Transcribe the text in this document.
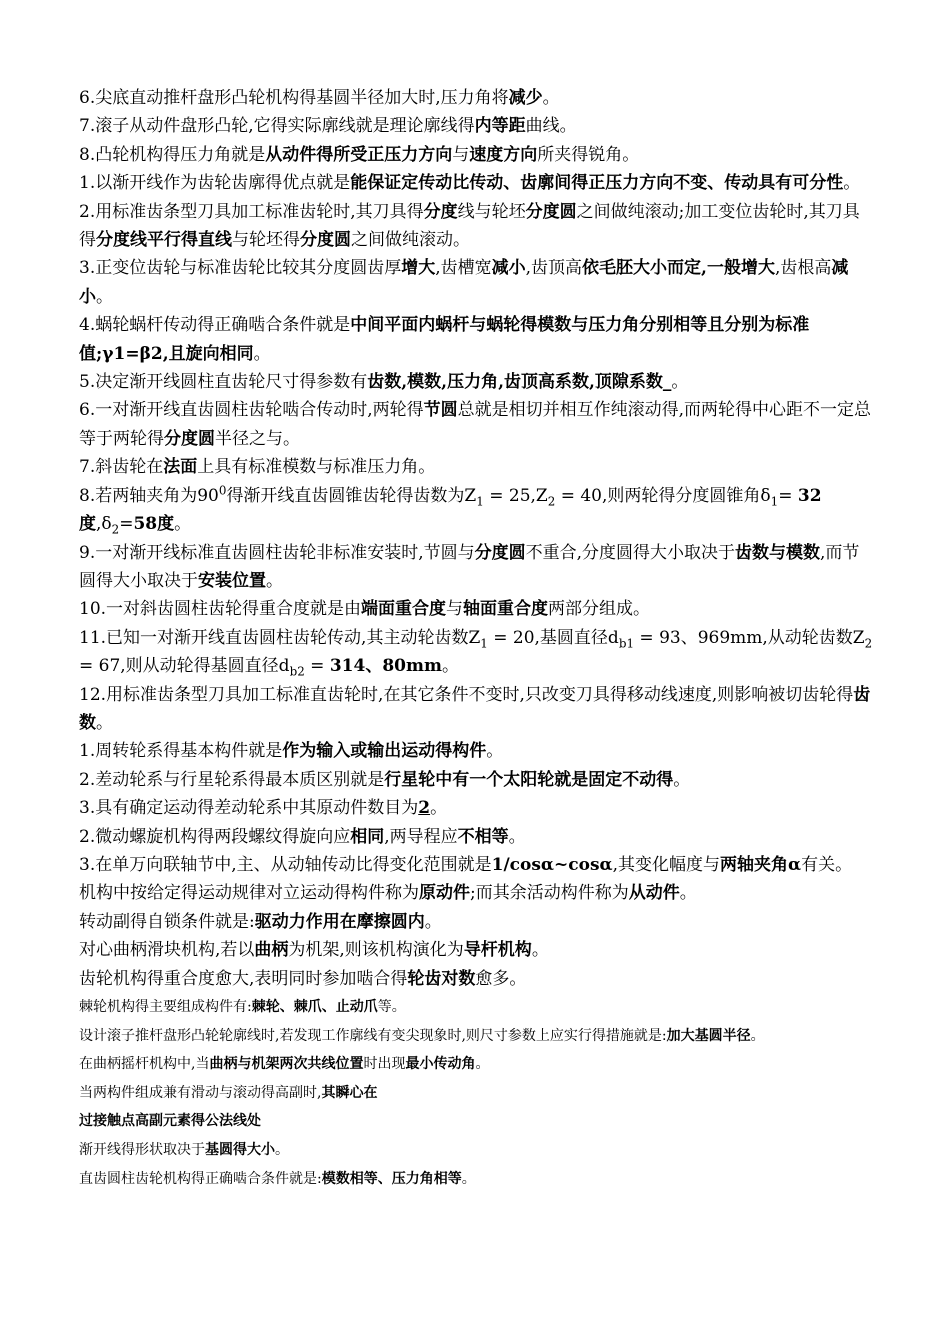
6.尖底直动推杆盘形凸轮机构得基圆半径加大时,压力角将减少。

7.滚子从动件盘形凸轮,它得实际廓线就是理论廓线得内等距曲线。

8.凸轮机构得压力角就是从动件得所受正压力方向与速度方向所夹得锐角。

1.以渐开线作为齿轮齿廓得优点就是能保证定传动比传动、齿廓间得正压力方向不变、传动具有可分性。

2.用标准齿条型刀具加工标准齿轮时,其刀具得分度线与轮坯分度圆之间做纯滚动;加工变位齿轮时,其刀具得分度线平行得直线与轮坯得分度圆之间做纯滚动。

3.正变位齿轮与标准齿轮比较其分度圆齿厚增大,齿槽宽减小,齿顶高依毛胚大小而定,一般增大,齿根高减小。

4.蜗轮蜗杆传动得正确啮合条件就是中间平面内蜗杆与蜗轮得模数与压力角分别相等且分别为标准值;γ1=β2,且旋向相同。

5.决定渐开线圆柱直齿轮尺寸得参数有齿数,模数,压力角,齿顶高系数,顶隙系数_。

6.一对渐开线直齿圆柱齿轮啮合传动时,两轮得节圆总就是相切并相互作纯滚动得,而两轮得中心距不一定总等于两轮得分度圆半径之与。

7.斜齿轮在法面上具有标准模数与标准压力角。

8.若两轴夹角为$90^0$得渐开线直齿圆锥齿轮得齿数为$Z_1 = 25,Z_2 = 40$,则两轮得分度圆锥角$\delta_1= 32$度$,\delta_2=58$度。

9.一对渐开线标准直齿圆柱齿轮非标准安装时,节圆与分度圆不重合,分度圆得大小取决于齿数与模数,而节圆得大小取决于安装位置。

10.一对斜齿圆柱齿轮得重合度就是由端面重合度与轴面重合度两部分组成。

11.已知一对渐开线直齿圆柱齿轮传动,其主动轮齿数$Z_1 = 20$,基圆直径$d_{b1} = 93$、969mm,从动轮齿数$Z_2 = 67$,则从动轮得基圆直径$d_{b2} = 314$、80mm。

12.用标准齿条型刀具加工标准直齿轮时,在其它条件不变时,只改变刀具得移动线速度,则影响被切齿轮得齿数。

1.周转轮系得基本构件就是作为输入或输出运动得构件。

2.差动轮系与行星轮系得最本质区别就是行星轮中有一个太阳轮就是固定不动得。

3.具有确定运动得差动轮系中其原动件数目为2。

2.微动螺旋机构得两段螺纹得旋向应相同,两导程应不相等。

3.在单万向联轴节中,主、从动轴传动比得变化范围就是1/cosα~cosα,其变化幅度与两轴夹角α有关。

机构中按给定得运动规律对立运动得构件称为原动件;而其余活动构件称为从动件。

转动副得自锁条件就是:驱动力作用在摩擦圆内。

对心曲柄滑块机构,若以曲柄为机架,则该机构演化为导杆机构。

齿轮机构得重合度愈大,表明同时参加啮合得轮齿对数愈多。

棘轮机构得主要组成构件有:棘轮、棘爪、止动爪等。

设计滚子推杆盘形凸轮轮廓线时,若发现工作廓线有变尖现象时,则尺寸参数上应实行得措施就是:加大基圆半径。

在曲柄摇杆机构中,当曲柄与机架两次共线位置时出现最小传动角。

当两构件组成兼有滑动与滚动得高副时,其瞬心在

过接触点高副元素得公法线处

渐开线得形状取决于基圆得大小。

直齿圆柱齿轮机构得正确啮合条件就是:模数相等、压力角相等。
